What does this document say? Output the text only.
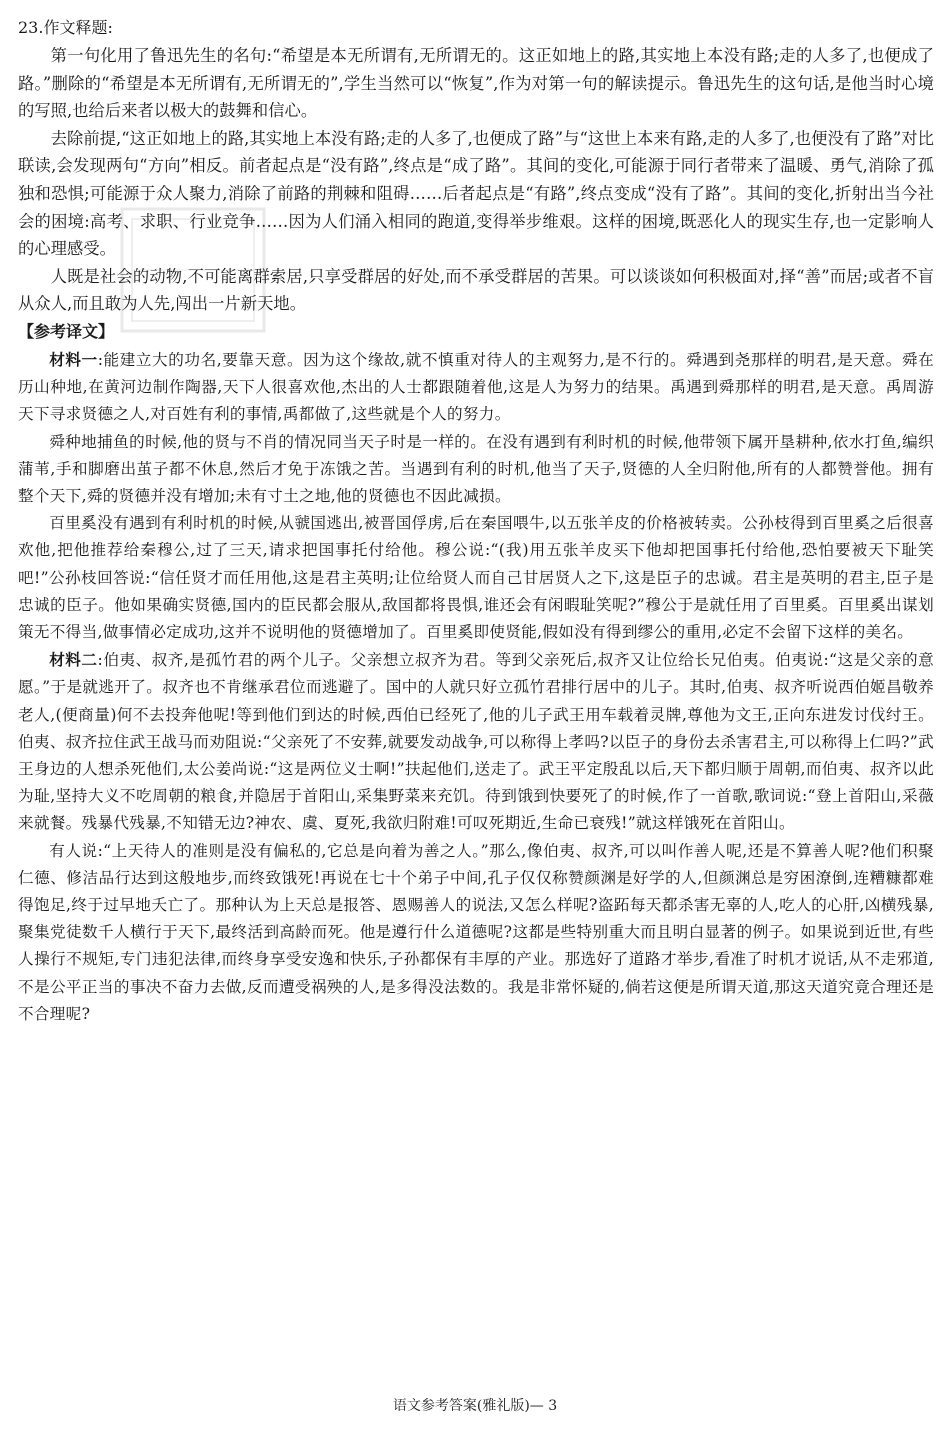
23.作文释题:

第一句化用了鲁迅先生的名句:“希望是本无所谓有,无所谓无的。这正如地上的路,其实地上本没有路;走的人多了,也便成了路。”删除的“希望是本无所谓有,无所谓无的”,学生当然可以“恢复”,作为对第一句的解读提示。鲁迅先生的这句话,是他当时心境的写照,也给后来者以极大的鼓舞和信心。

去除前提,“这正如地上的路,其实地上本没有路;走的人多了,也便成了路”与“这世上本来有路,走的人多了,也便没有了路”对比联读,会发现两句“方向”相反。前者起点是“没有路”,终点是“成了路”。其间的变化,可能源于同行者带来了温暖、勇气,消除了孤独和恐惧;可能源于众人聚力,消除了前路的荆棘和阻碍……后者起点是“有路”,终点变成“没有了路”。其间的变化,折射出当今社会的困境:高考、求职、行业竞争……因为人们涌入相同的跑道,变得举步维艰。这样的困境,既恶化人的现实生存,也一定影响人的心理感受。

人既是社会的动物,不可能离群索居,只享受群居的好处,而不承受群居的苦果。可以谈谈如何积极面对,择“善”而居;或者不盲从众人,而且敢为人先,闯出一片新天地。

【参考译文】

材料一:能建立大的功名,要靠天意。因为这个缘故,就不慎重对待人的主观努力,是不行的。舜遇到尧那样的明君,是天意。舜在历山种地,在黄河边制作陶器,天下人很喜欢他,杰出的人士都跟随着他,这是人为努力的结果。禹遇到舜那样的明君,是天意。禹周游天下寻求贤德之人,对百姓有利的事情,禹都做了,这些就是个人的努力。

舜种地捕鱼的时候,他的贤与不肖的情况同当天子时是一样的。在没有遇到有利时机的时候,他带领下属开垦耕种,依水打鱼,编织蒲苇,手和脚磨出茧子都不休息,然后才免于冻饿之苦。当遇到有利的时机,他当了天子,贤德的人全归附他,所有的人都赞誉他。拥有整个天下,舜的贤德并没有增加;未有寸土之地,他的贤德也不因此减损。

百里奚没有遇到有利时机的时候,从虢国逃出,被晋国俘虏,后在秦国喂牛,以五张羊皮的价格被转卖。公孙枝得到百里奚之后很喜欢他,把他推荐给秦穆公,过了三天,请求把国事托付给他。穆公说:“(我)用五张羊皮买下他却把国事托付给他,恐怕要被天下耻笑吧!”公孙枝回答说:“信任贤才而任用他,这是君主英明;让位给贤人而自己甘居贤人之下,这是臣子的忠诚。君主是英明的君主,臣子是忠诚的臣子。他如果确实贤德,国内的臣民都会服从,敌国都将畏惧,谁还会有闲暇耻笑呢?”穆公于是就任用了百里奚。百里奚出谋划策无不得当,做事情必定成功,这并不说明他的贤德增加了。百里奚即使贤能,假如没有得到缪公的重用,必定不会留下这样的美名。

材料二:伯夷、叔齐,是孤竹君的两个儿子。父亲想立叔齐为君。等到父亲死后,叔齐又让位给长兄伯夷。伯夷说:“这是父亲的意愿。”于是就逃开了。叔齐也不肯继承君位而逃避了。国中的人就只好立孤竹君排行居中的儿子。其时,伯夷、叔齐听说西伯姬昌敬养老人,(便商量)何不去投奔他呢!等到他们到达的时候,西伯已经死了,他的儿子武王用车载着灵牌,尊他为文王,正向东进发讨伐纣王。伯夷、叔齐拉住武王战马而劝阻说:“父亲死了不安葬,就要发动战争,可以称得上孝吗?以臣子的身份去杀害君主,可以称得上仁吗?”武王身边的人想杀死他们,太公姜尚说:“这是两位义士啊!”扶起他们,送走了。武王平定殷乱以后,天下都归顺于周朝,而伯夷、叔齐以此为耻,坚持大义不吃周朝的粮食,并隐居于首阳山,采集野菜来充饥。待到饿到快要死了的时候,作了一首歌,歌词说:“登上首阳山,采薇来就餐。残暴代残暴,不知错无边?神农、虞、夏死,我欲归附难!可叹死期近,生命已衰残!”就这样饿死在首阳山。

有人说:“上天待人的准则是没有偏私的,它总是向着为善之人。”那么,像伯夷、叔齐,可以叫作善人呢,还是不算善人呢?他们积聚仁德、修洁品行达到这般地步,而终致饿死!再说在七十个弟子中间,孔子仅仅称赞颜渊是好学的人,但颜渊总是穷困潦倒,连糟糠都难得饱足,终于过早地夭亡了。那种认为上天总是报答、恩赐善人的说法,又怎么样呢?盗跖每天都杀害无辜的人,吃人的心肝,凶横残暴,聚集党徒数千人横行于天下,最终活到高龄而死。他是遵行什么道德呢?这都是些特别重大而且明白显著的例子。如果说到近世,有些人操行不规矩,专门违犯法律,而终身享受安逸和快乐,子孙都保有丰厚的产业。那选好了道路才举步,看准了时机才说话,从不走邪道,不是公平正当的事决不奋力去做,反而遭受祸殃的人,是多得没法数的。我是非常怀疑的,倘若这便是所谓天道,那这天道究竟合理还是不合理呢?

语文参考答案(雅礼版)— 3
